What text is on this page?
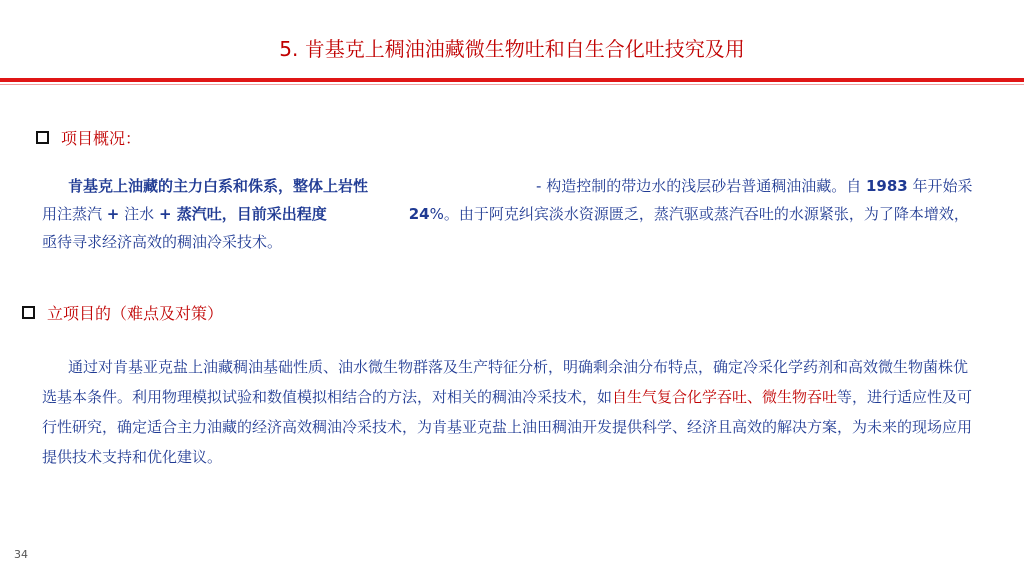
5. 肯基克上稠油油藏微生物吐和自生合化吐技究及用
项目概况：
肯基克上油藏的主力白系和侏系，整体上岩性	- 构造控制的带边水的浅层砂岩普通稠油油藏。自 1983 年开始采用注蒸汽 + 注水 + 蒸汽吐，目前采出程度	24%。由于阿克纠宾淡水资源匮乏，蒸汽驱或蒸汽吞吐的水源紧张，为了降本增效，亟待寻求经济高效的稠油冷采技术。
立项目的（难点及对策）
通过对肯基亚克盐上油藏稠油基础性质、油水微生物群落及生产特征分析，明确剩余油分布特点，确定冷采化学药剂和高效微生物菌株优选基本条件。利用物理模拟试验和数值模拟相结合的方法，对相关的稠油冷采技术，如自生气复合化学吞吐、微生物吞吐等，进行适应性及可行性研究，确定适合主力油藏的经济高效稠油冷采技术，为肯基亚克盐上油田稠油开发提供科学、经济且高效的解决方案，为未来的现场应用提供技术支持和优化建议。
34
